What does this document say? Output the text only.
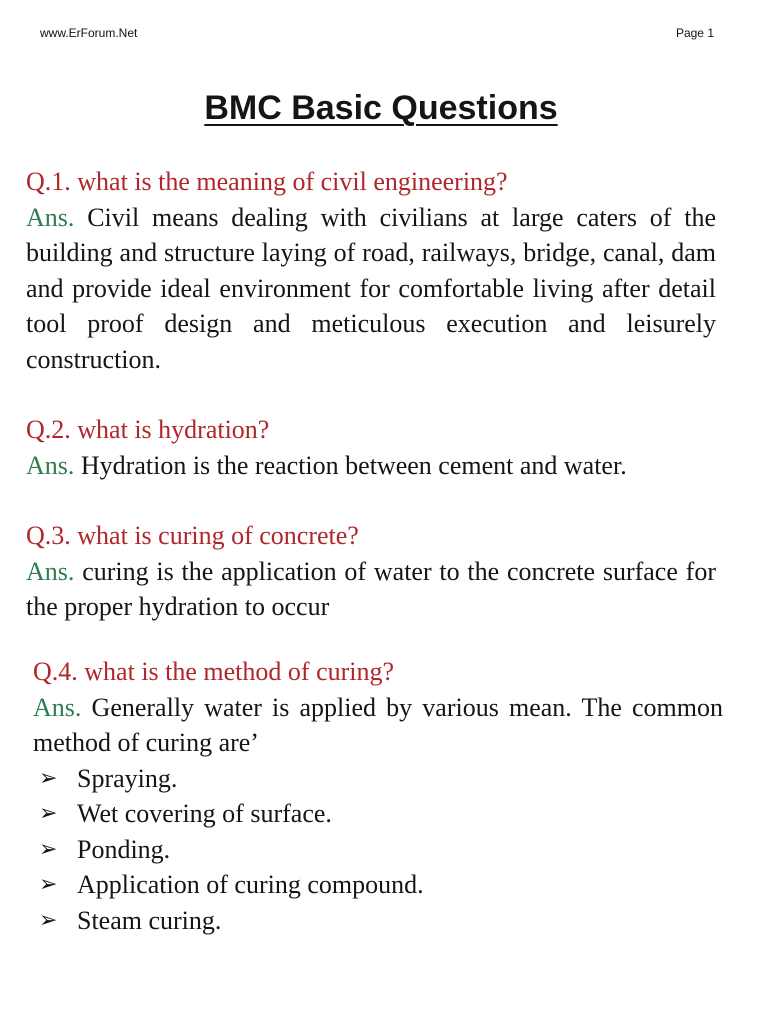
www.ErForum.Net	Page 1
BMC Basic Questions

Q.1. what is the meaning of civil engineering?

Ans. Civil means dealing with civilians at large caters of the building and structure laying of road, railways, bridge, canal, dam and provide ideal environment for comfortable living after detail tool proof design and meticulous execution and leisurely construction.

Q.2. what is hydration?

Ans. Hydration is the reaction between cement and water.

Q.3. what is curing of concrete?

Ans. curing is the application of water to the concrete surface for the proper hydration to occur

Q.4. what is the method of curing?

Ans. Generally water is applied by various mean. The common method of curing are’

➢ Spraying.
➢ Wet covering of surface.
➢ Ponding.
➢ Application of curing compound.
➢ Steam curing.
